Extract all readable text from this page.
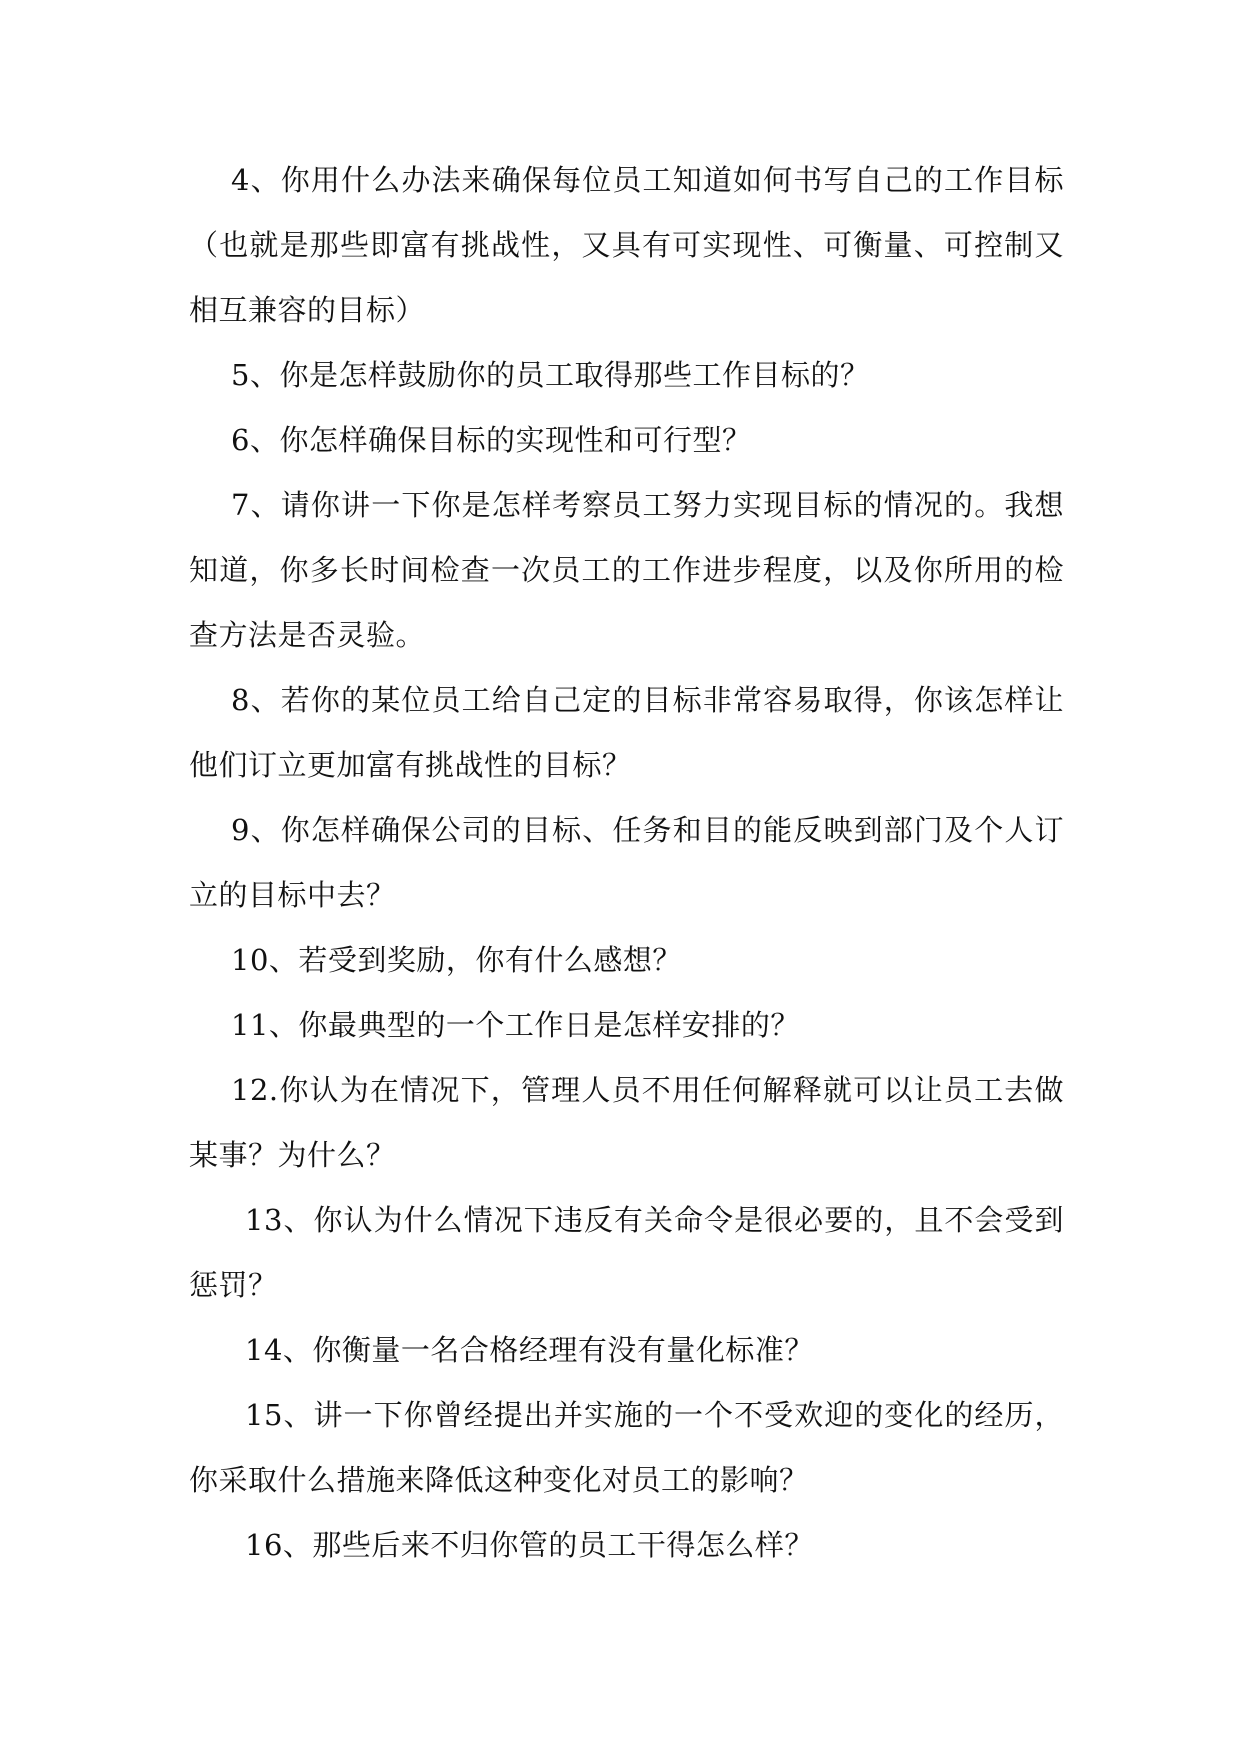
4、你用什么办法来确保每位员工知道如何书写自己的工作目标（也就是那些即富有挑战性，又具有可实现性、可衡量、可控制又相互兼容的目标）

5、你是怎样鼓励你的员工取得那些工作目标的？

6、你怎样确保目标的实现性和可行型？

7、请你讲一下你是怎样考察员工努力实现目标的情况的。我想知道，你多长时间检查一次员工的工作进步程度，以及你所用的检查方法是否灵验。

8、若你的某位员工给自己定的目标非常容易取得，你该怎样让他们订立更加富有挑战性的目标？

9、你怎样确保公司的目标、任务和目的能反映到部门及个人订立的目标中去？

10、若受到奖励，你有什么感想？

11、你最典型的一个工作日是怎样安排的？

12.你认为在情况下，管理人员不用任何解释就可以让员工去做某事？为什么？

13、你认为什么情况下违反有关命令是很必要的，且不会受到惩罚？

14、你衡量一名合格经理有没有量化标准？

15、讲一下你曾经提出并实施的一个不受欢迎的变化的经历，你采取什么措施来降低这种变化对员工的影响？

16、那些后来不归你管的员工干得怎么样？
